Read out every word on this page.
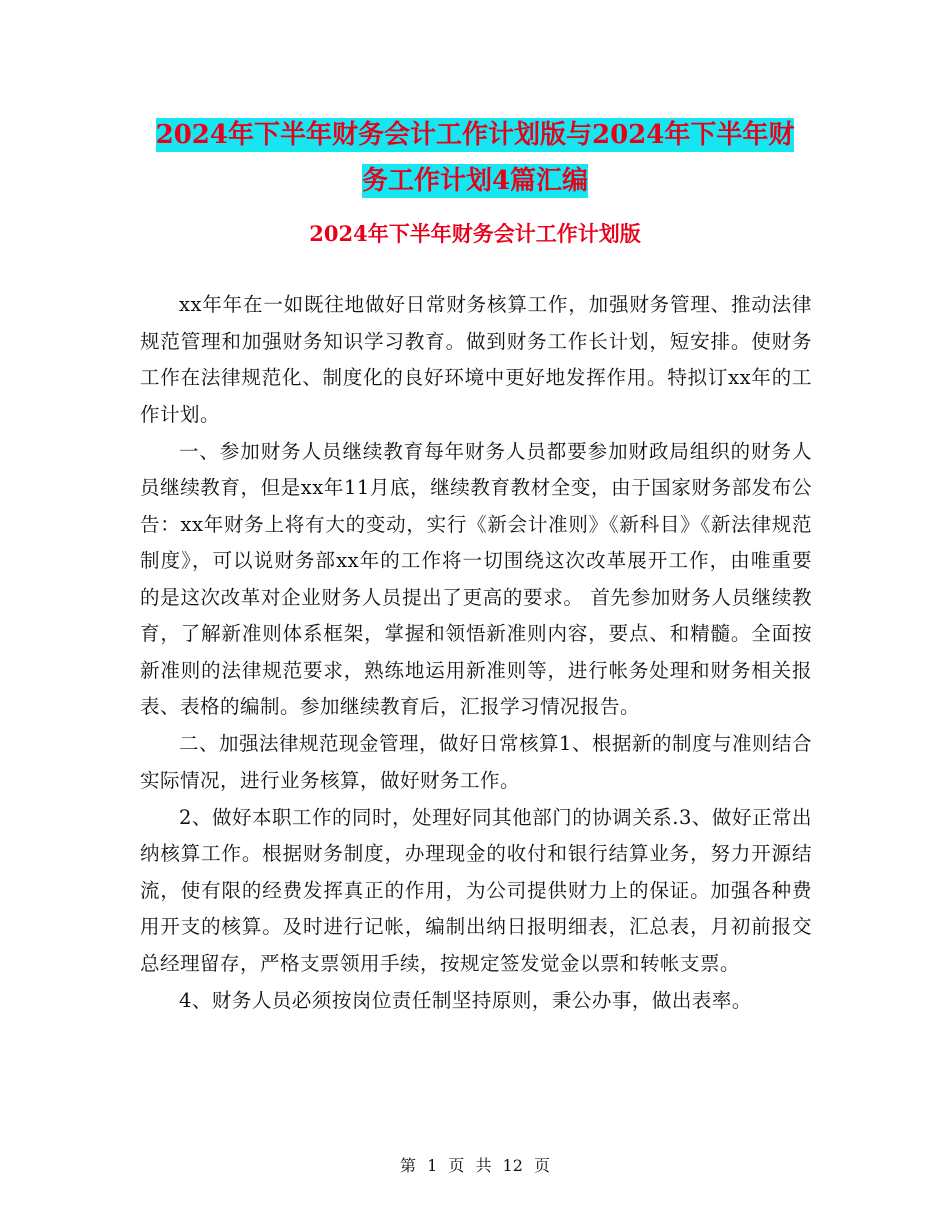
2024年下半年财务会计工作计划版与2024年下半年财
务工作计划4篇汇编
2024年下半年财务会计工作计划版

xx年年在一如既往地做好日常财务核算工作，加强财务管理、推动法律规范管理和加强财务知识学习教育。做到财务工作长计划，短安排。使财务工作在法律规范化、制度化的良好环境中更好地发挥作用。特拟订xx年的工作计划。

一、参加财务人员继续教育每年财务人员都要参加财政局组织的财务人员继续教育，但是xx年11月底，继续教育教材全变，由于国家财务部发布公告：xx年财务上将有大的变动，实行《新会计准则》《新科目》《新法律规范制度》，可以说财务部xx年的工作将一切围绕这次改革展开工作，由唯重要的是这次改革对企业财务人员提出了更高的要求。 首先参加财务人员继续教育，了解新准则体系框架，掌握和领悟新准则内容，要点、和精髓。全面按新准则的法律规范要求，熟练地运用新准则等，进行帐务处理和财务相关报表、表格的编制。参加继续教育后，汇报学习情况报告。

二、加强法律规范现金管理，做好日常核算1、根据新的制度与准则结合实际情况，进行业务核算，做好财务工作。

2、做好本职工作的同时，处理好同其他部门的协调关系.3、做好正常出纳核算工作。根据财务制度，办理现金的收付和银行结算业务，努力开源结流，使有限的经费发挥真正的作用，为公司提供财力上的保证。加强各种费用开支的核算。及时进行记帐，编制出纳日报明细表，汇总表，月初前报交总经理留存，严格支票领用手续，按规定签发觉金以票和转帐支票。

4、财务人员必须按岗位责任制坚持原则，秉公办事，做出表率。

第 1 页 共 12 页
